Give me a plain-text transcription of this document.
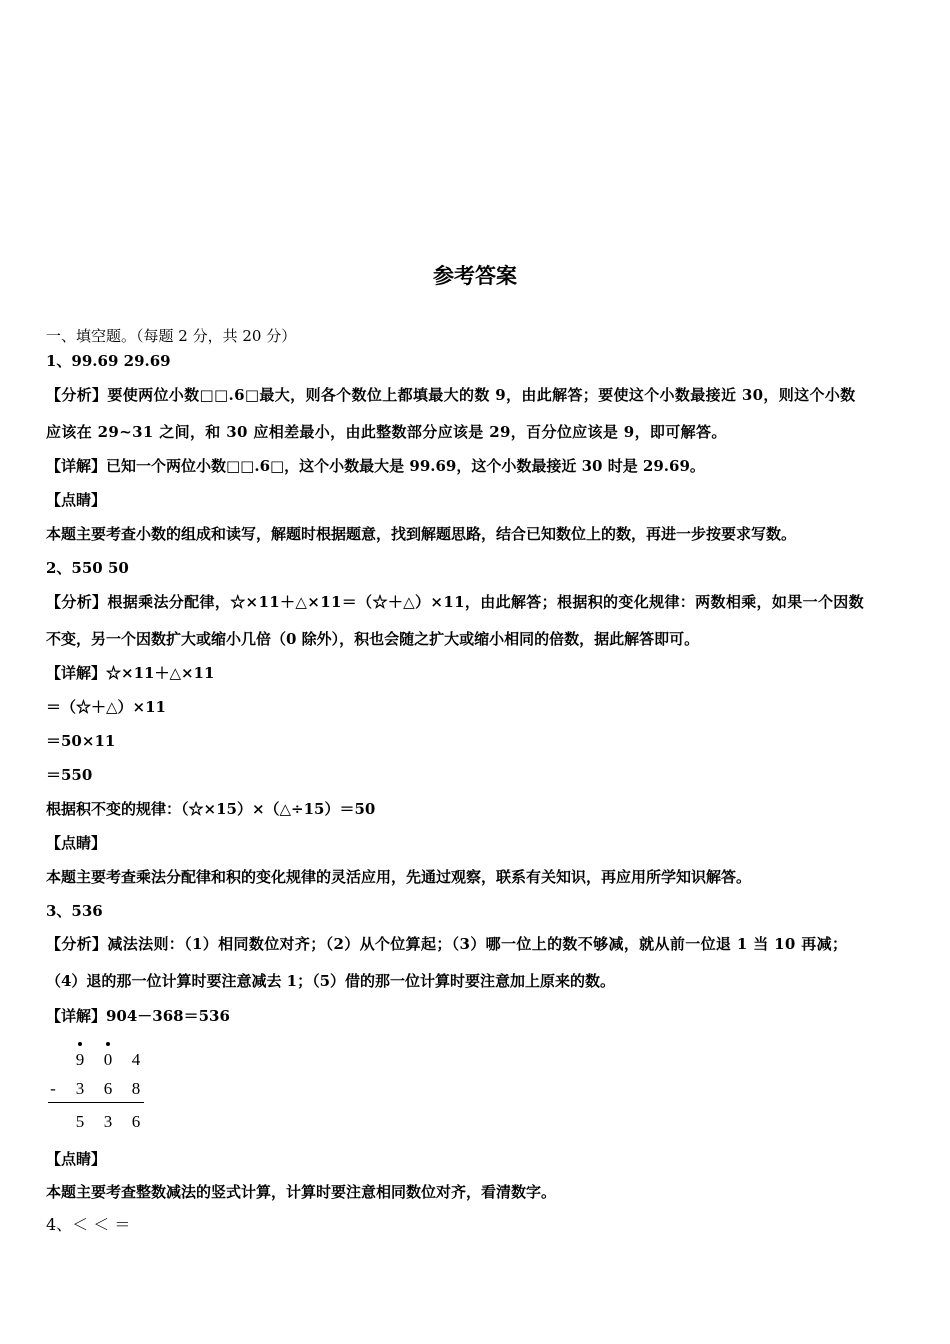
参考答案
一、填空题。（每题 2 分，共 20 分）
1、99.69 29.69
【分析】要使两位小数□□.6□最大，则各个数位上都填最大的数 9，由此解答；要使这个小数最接近 30，则这个小数
应该在 29~31 之间，和 30 应相差最小，由此整数部分应该是 29，百分位应该是 9，即可解答。
【详解】已知一个两位小数□□.6□，这个小数最大是 99.69，这个小数最接近 30 时是 29.69。
【点睛】
本题主要考查小数的组成和读写，解题时根据题意，找到解题思路，结合已知数位上的数，再进一步按要求写数。
2、550 50
【分析】根据乘法分配律，☆×11＋△×11＝（☆＋△）×11，由此解答；根据积的变化规律：两数相乘，如果一个因数
不变，另一个因数扩大或缩小几倍（0 除外），积也会随之扩大或缩小相同的倍数，据此解答即可。
【详解】☆×11＋△×11
＝（☆＋△）×11
＝50×11
＝550
根据积不变的规律：（☆×15）×（△÷15）＝50
【点睛】
本题主要考查乘法分配律和积的变化规律的灵活应用，先通过观察，联系有关知识，再应用所学知识解答。
3、536
【分析】减法法则：（1）相同数位对齐；（2）从个位算起；（3）哪一位上的数不够减，就从前一位退 1 当 10 再减；
（4）退的那一位计算时要注意减去 1；（5）借的那一位计算时要注意加上原来的数。
【详解】904－368＝536
9 0 4
- 3 6 8
5 3 6
【点睛】
本题主要考查整数减法的竖式计算，计算时要注意相同数位对齐，看清数字。
4、＜ ＜ ＝
